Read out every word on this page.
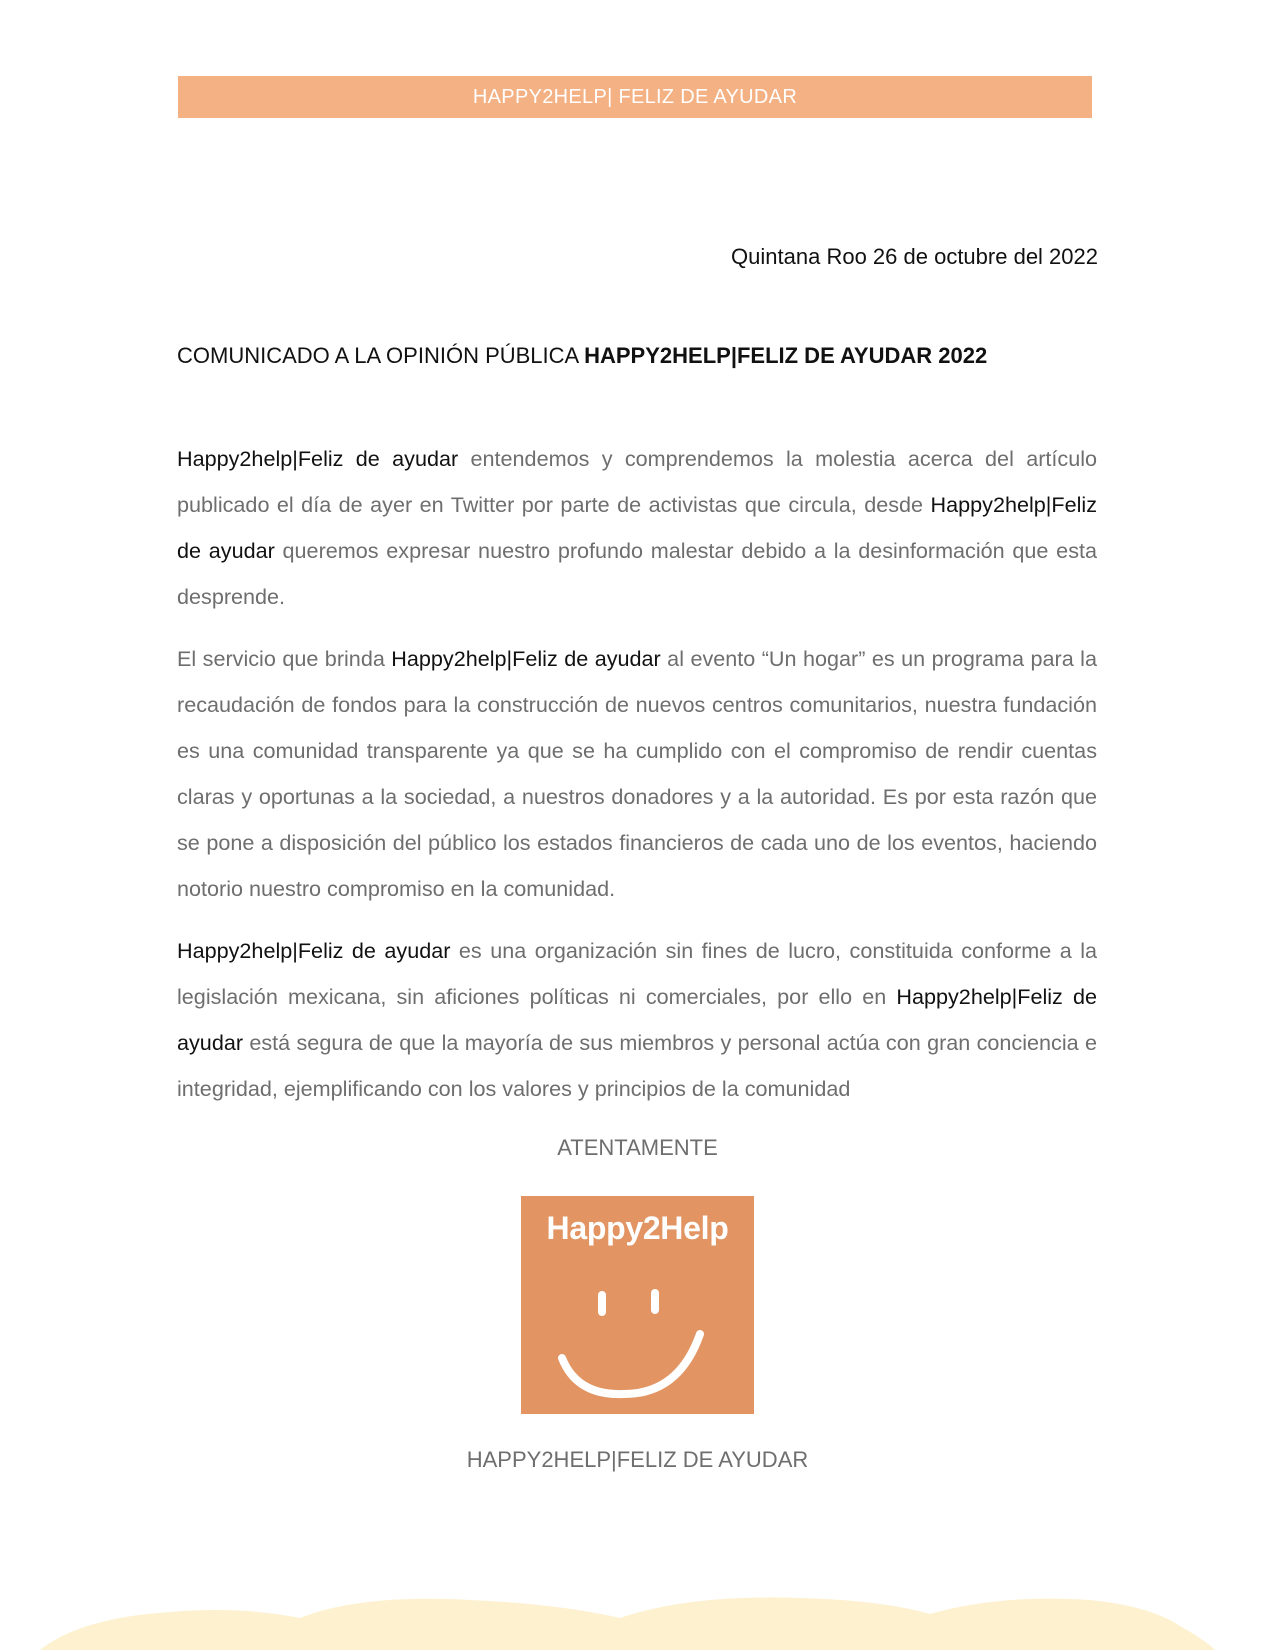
HAPPY2HELP| FELIZ DE AYUDAR
Quintana Roo 26 de octubre del 2022
COMUNICADO A LA OPINIÓN PÚBLICA HAPPY2HELP|FELIZ DE AYUDAR 2022

Happy2help|Feliz de ayudar entendemos y comprendemos la molestia acerca del artículo publicado el día de ayer en Twitter por parte de activistas que circula, desde Happy2help|Feliz de ayudar queremos expresar nuestro profundo malestar debido a la desinformación que esta desprende.

El servicio que brinda Happy2help|Feliz de ayudar al evento “Un hogar” es un programa para la recaudación de fondos para la construcción de nuevos centros comunitarios, nuestra fundación es una comunidad transparente ya que se ha cumplido con el compromiso de rendir cuentas claras y oportunas a la sociedad, a nuestros donadores y a la autoridad. Es por esta razón que se pone a disposición del público los estados financieros de cada uno de los eventos, haciendo notorio nuestro compromiso en la comunidad.

Happy2help|Feliz de ayudar es una organización sin fines de lucro, constituida conforme a la legislación mexicana, sin aficiones políticas ni comerciales, por ello en Happy2help|Feliz de ayudar está segura de que la mayoría de sus miembros y personal actúa con gran conciencia e integridad, ejemplificando con los valores y principios de la comunidad

ATENTAMENTE
Happy2Help
HAPPY2HELP|FELIZ DE AYUDAR
